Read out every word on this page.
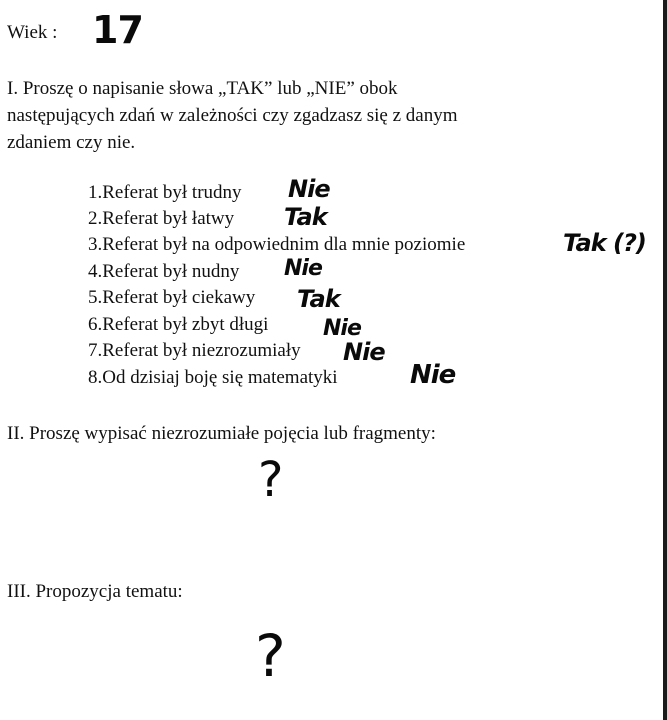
Wiek : 17
I. Proszę o napisanie słowa „TAK” lub „NIE” obok
następujących zdań w zależności czy zgadzasz się z danym
zdaniem czy nie.
1.Referat był trudny Nie
2.Referat był łatwy Tak
3.Referat był na odpowiednim dla mnie poziomie	Tak (?)
4.Referat był nudny Nie
5.Referat był ciekawy Tak
6.Referat był zbyt długi Nie
7.Referat był niezrozumiały Nie
8.Od dzisiaj boję się matematyki	Nie
II. Proszę wypisać niezrozumiałe pojęcia lub fragmenty:
?
III. Propozycja tematu:
?
